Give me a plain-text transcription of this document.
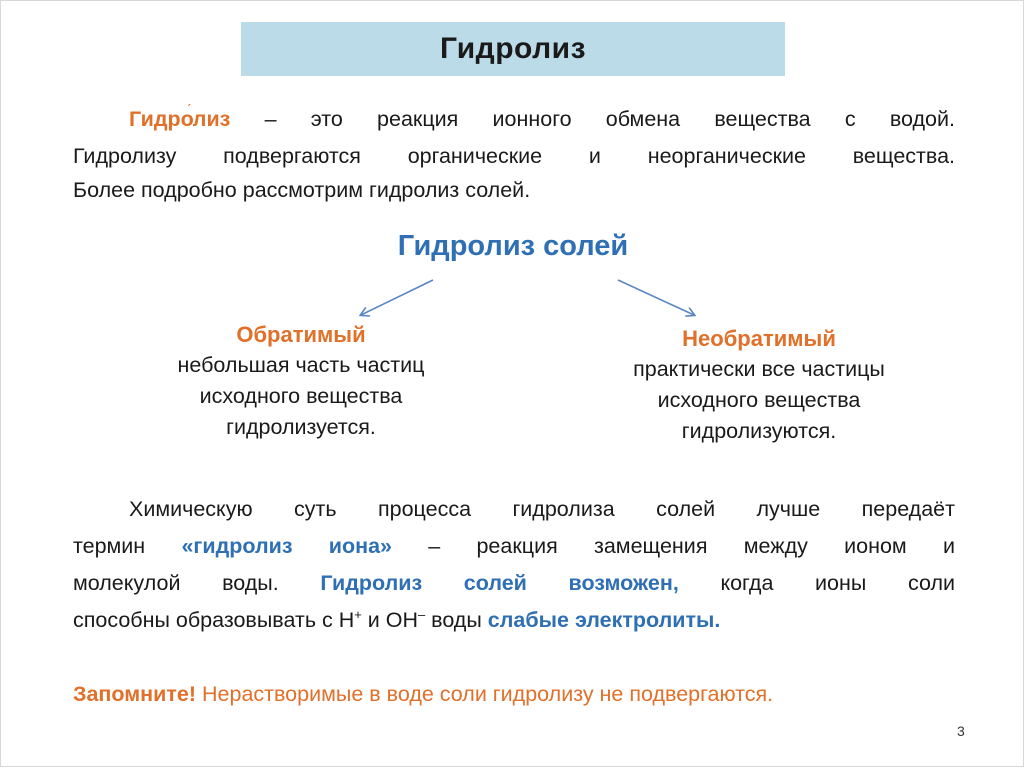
Гидролиз
Гидролиз – это реакция ионного обмена вещества с водой.
Гидролизу подвергаются органические и неорганические вещества.
Более подробно рассмотрим гидролиз солей.
Гидролиз солей
Обратимый
небольшая часть частиц
исходного вещества
гидролизуется.
Необратимый
практически все частицы
исходного вещества
гидролизуются.
Химическую суть процесса гидролиза солей лучше передаёт
термин «гидролиз иона» – реакция замещения между ионом и
молекулой воды. Гидролиз солей возможен, когда ионы соли
способны образовывать с Н+ и ОН– воды слабые электролиты.
Запомните! Нерастворимые в воде соли гидролизу не подвергаются.
3
